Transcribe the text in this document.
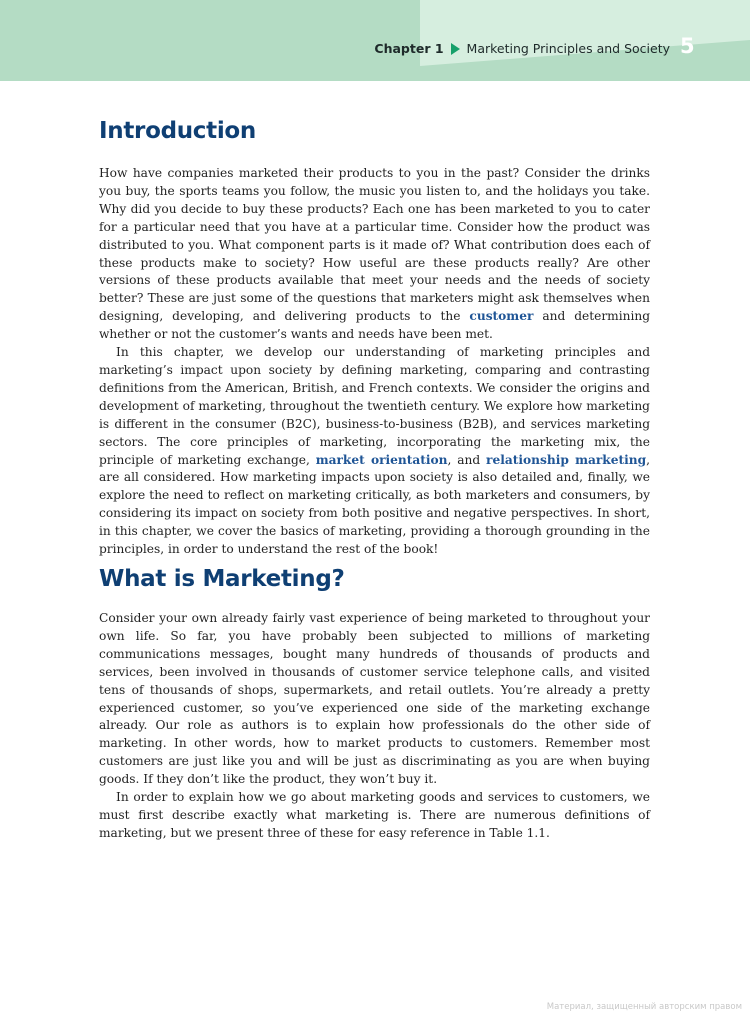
Chapter 1 Marketing Principles and Society 5
Introduction

How have companies marketed their products to you in the past? Consider the drinks you buy, the sports teams you follow, the music you listen to, and the holidays you take. Why did you decide to buy these products? Each one has been marketed to you to cater for a particular need that you have at a particular time. Consider how the product was distributed to you. What component parts is it made of? What contribution does each of these products make to society? How useful are these products really? Are other versions of these products available that meet your needs and the needs of society better? These are just some of the questions that marketers might ask themselves when designing, developing, and delivering products to the customer and determining whether or not the customer’s wants and needs have been met.

In this chapter, we develop our understanding of marketing principles and marketing’s impact upon society by defining marketing, comparing and contrasting definitions from the American, British, and French contexts. We consider the origins and development of marketing, throughout the twentieth century. We explore how marketing is different in the consumer (B2C), business-to-business (B2B), and services marketing sectors. The core principles of marketing, incorporating the marketing mix, the principle of marketing exchange, market orientation, and relationship marketing, are all considered. How marketing impacts upon society is also detailed and, finally, we explore the need to reflect on marketing critically, as both marketers and consumers, by considering its impact on society from both positive and negative perspectives. In short, in this chapter, we cover the basics of marketing, providing a thorough grounding in the principles, in order to understand the rest of the book!

What is Marketing?

Consider your own already fairly vast experience of being marketed to throughout your own life. So far, you have probably been subjected to millions of marketing communications messages, bought many hundreds of thousands of products and services, been involved in thousands of customer service telephone calls, and visited tens of thousands of shops, supermarkets, and retail outlets. You’re already a pretty experienced customer, so you’ve experienced one side of the marketing exchange already. Our role as authors is to explain how professionals do the other side of marketing. In other words, how to market products to customers. Remember most customers are just like you and will be just as discriminating as you are when buying goods. If they don’t like the product, they won’t buy it.

In order to explain how we go about marketing goods and services to customers, we must first describe exactly what marketing is. There are numerous definitions of marketing, but we present three of these for easy reference in Table 1.1.

Материал, защищенный авторским правом
